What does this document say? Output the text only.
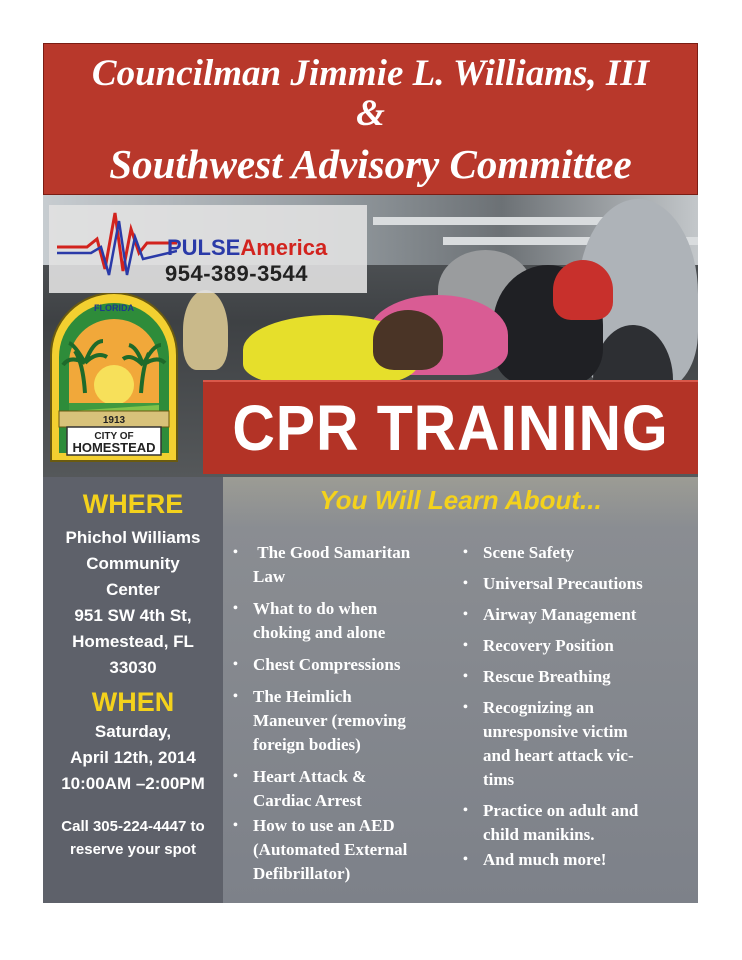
Councilman Jimmie L. Williams, III
&
Southwest Advisory Committee
PULSEAmerica
954-389-3544
FLORIDA
1913
CITY OF
HOMESTEAD	CPR TRAINING
WHERE
Phichol Williams
Community
Center
951 SW 4th St,
Homestead, FL
33030
WHEN
Saturday,
April 12th, 2014
10:00AM –2:00PM
Call 305-224-4447 to
reserve your spot
You Will Learn About...
• The Good Samaritan
Law
• What to do when
choking and alone
• Chest Compressions
• The Heimlich
Maneuver (removing
foreign bodies)
• Heart Attack &
Cardiac Arrest
• How to use an AED
(Automated External
Defibrillator)
• Scene Safety
• Universal Precautions
• Airway Management
• Recovery Position
• Rescue Breathing
• Recognizing an
unresponsive victim
and heart attack vic-
tims
• Practice on adult and
child manikins.
• And much more!
